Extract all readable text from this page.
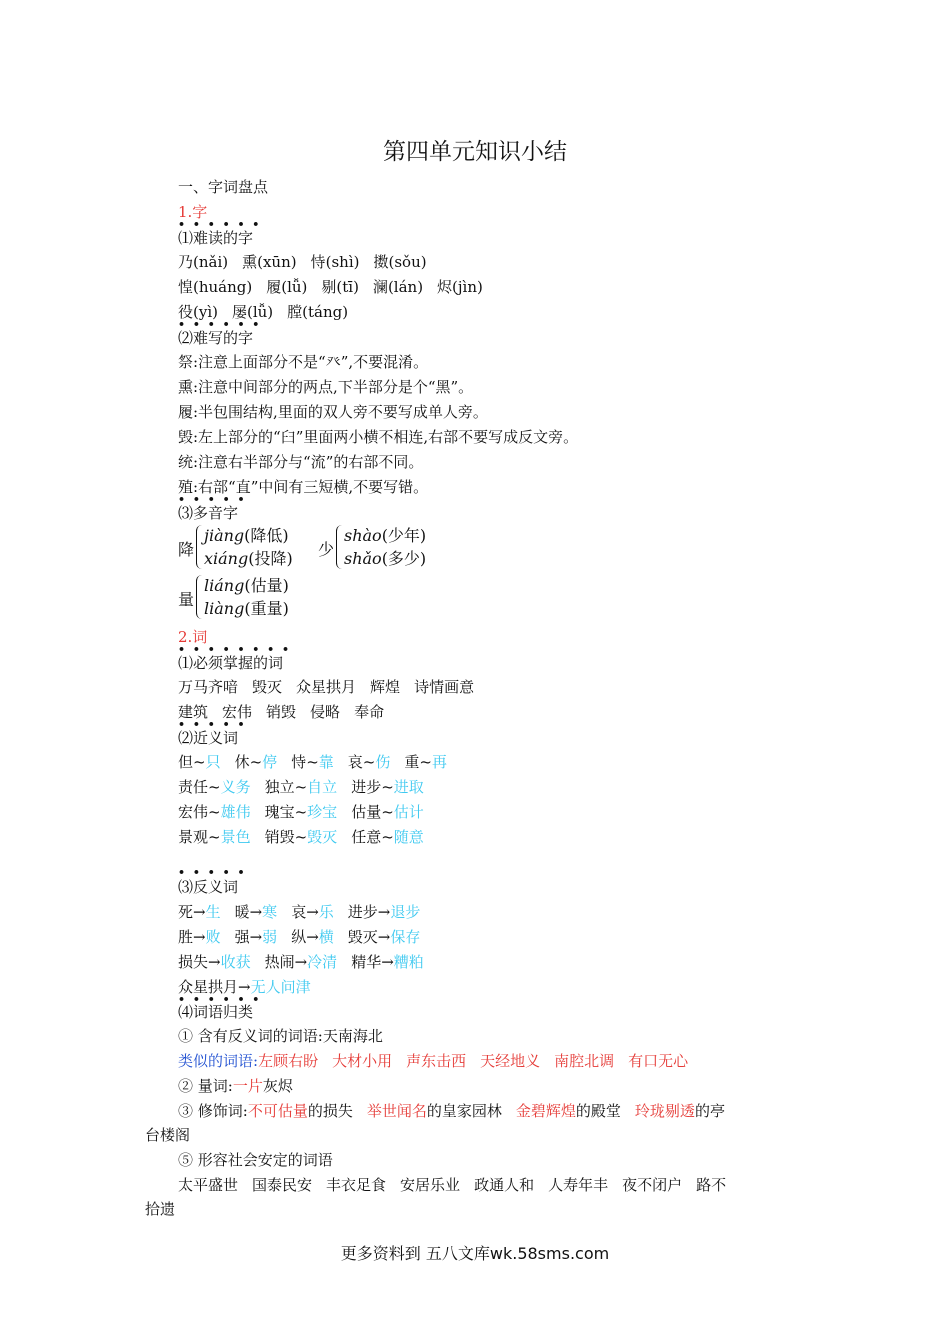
第四单元知识小结
一、字词盘点
1.字
• • • • • •
⑴难读的字
乃(nǎi) 熏(xūn) 恃(shì) 擞(sǒu)
惶(huáng) 履(lǚ) 剔(tī) 澜(lán) 烬(jìn)
役(yì) 屡(lǚ) 膛(táng)
• • • • • •
⑵难写的字
祭:注意上面部分不是“癶”,不要混淆。
熏:注意中间部分的两点,下半部分是个“黑”。
履:半包围结构,里面的双人旁不要写成单人旁。
毁:左上部分的“臼”里面两小横不相连,右部不要写成反文旁。
统:注意右半部分与“流”的右部不同。
殖:右部“直”中间有三短横,不要写错。
• • • • •
⑶多音字
降
jiàng(降低)
xiáng(投降) 少
shào(少年)
shǎo(多少)
量
liáng(估量)
liàng(重量)
2.词
• • • • • • • •
⑴必须掌握的词
万马齐喑 毁灭 众星拱月 辉煌 诗情画意
建筑 宏伟 销毁 侵略 奉命
• • • • •
⑵近义词
但~只 休~停 恃~靠 哀~伤 重~再
责任~义务 独立~自立 进步~进取
宏伟~雄伟 瑰宝~珍宝 估量~估计
景观~景色 销毁~毁灭 任意~随意
• • • • •
⑶反义词
死→生 暖→寒 哀→乐 进步→退步
胜→败 强→弱 纵→横 毁灭→保存
损失→收获 热闹→冷清 精华→糟粕
众星拱月→无人问津
• • • • • •
⑷词语归类
① 含有反义词的词语:天南海北
类似的词语:左顾右盼 大材小用 声东击西 天经地义 南腔北调 有口无心
② 量词:一片灰烬
③ 修饰词:不可估量的损失 举世闻名的皇家园林 金碧辉煌的殿堂 玲珑剔透的亭
台楼阁
⑤ 形容社会安定的词语
太平盛世 国泰民安 丰衣足食 安居乐业 政通人和 人寿年丰 夜不闭户 路不
拾遗
更多资料到 五八文库wk.58sms.com
